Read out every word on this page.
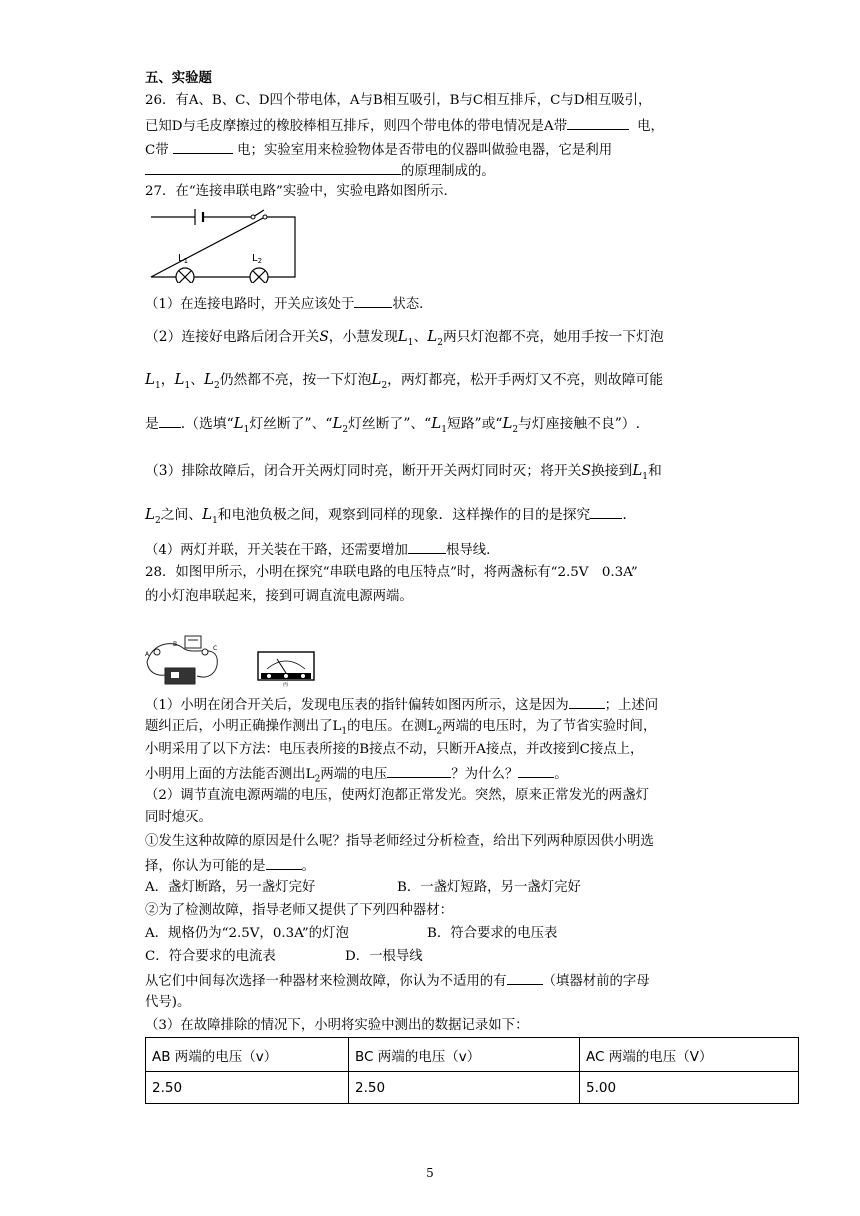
五、实验题
26．有A、B、C、D四个带电体，A与B相互吸引，B与C相互排斥，C与D相互吸引，
已知D与毛皮摩擦过的橡胶棒相互排斥，则四个带电体的带电情况是A带	电，
C带	电；实验室用来检验物体是否带电的仪器叫做验电器，它是利用
的原理制成的。
27．在“连接串联电路”实验中，实验电路如图所示.
$L_1$	$L_2$
（1）在连接电路时，开关应该处于	状态.
（2）连接好电路后闭合开关S，小慧发现$L_1$、$L_2$两只灯泡都不亮，她用手按一下灯泡
$L_1$，$L_1$、$L_2$仍然都不亮，按一下灯泡$L_2$，两灯都亮，松开手两灯又不亮，则故障可能
是 .（选填“$L_1$灯丝断了”、“$L_2$灯丝断了”、“$L_1$短路”或“$L_2$与灯座接触不良”）.
（3）排除故障后，闭合开关两灯同时亮，断开开关两灯同时灭；将开关S换接到$L_1$和
$L_2$之间、$L_1$和电池负极之间，观察到同样的现象．这样操作的目的是探究 .
（4）两灯并联，开关装在干路，还需要增加	根导线.
28．如图甲所示，小明在探究“串联电路的电压特点”时，将两盏标有“2.5V　0.3A”
的小灯泡串联起来，接到可调直流电源两端。
A
B
C
丙
（1）小明在闭合开关后，发现电压表的指针偏转如图丙所示，这是因为	；上述问
题纠正后，小明正确操作测出了$L_1$的电压。在测$L_2$两端的电压时，为了节省实验时间，
小明采用了以下方法：电压表所接的B接点不动，只断开A接点，并改接到C接点上，
小明用上面的方法能否测出$L_2$两端的电压	？为什么？	。
（2）调节直流电源两端的电压，使两灯泡都正常发光。突然，原来正常发光的两盏灯
同时熄灭。
①发生这种故障的原因是什么呢？指导老师经过分析检查，给出下列两种原因供小明选
择，你认为可能的是	。
A．盏灯断路，另一盏灯完好	B．一盏灯短路，另一盏灯完好
②为了检测故障，指导老师又提供了下列四种器材：
A．规格仍为“2.5V，0.3A”的灯泡	B．符合要求的电压表
C．符合要求的电流表	D．一根导线
从它们中间每次选择一种器材来检测故障，你认为不适用的有	（填器材前的字母
代号)。
（3）在故障排除的情况下，小明将实验中测出的数据记录如下：
AB 两端的电压（v）	BC 两端的电压（v）	AC 两端的电压（V）
2.50	2.50	5.00
5
